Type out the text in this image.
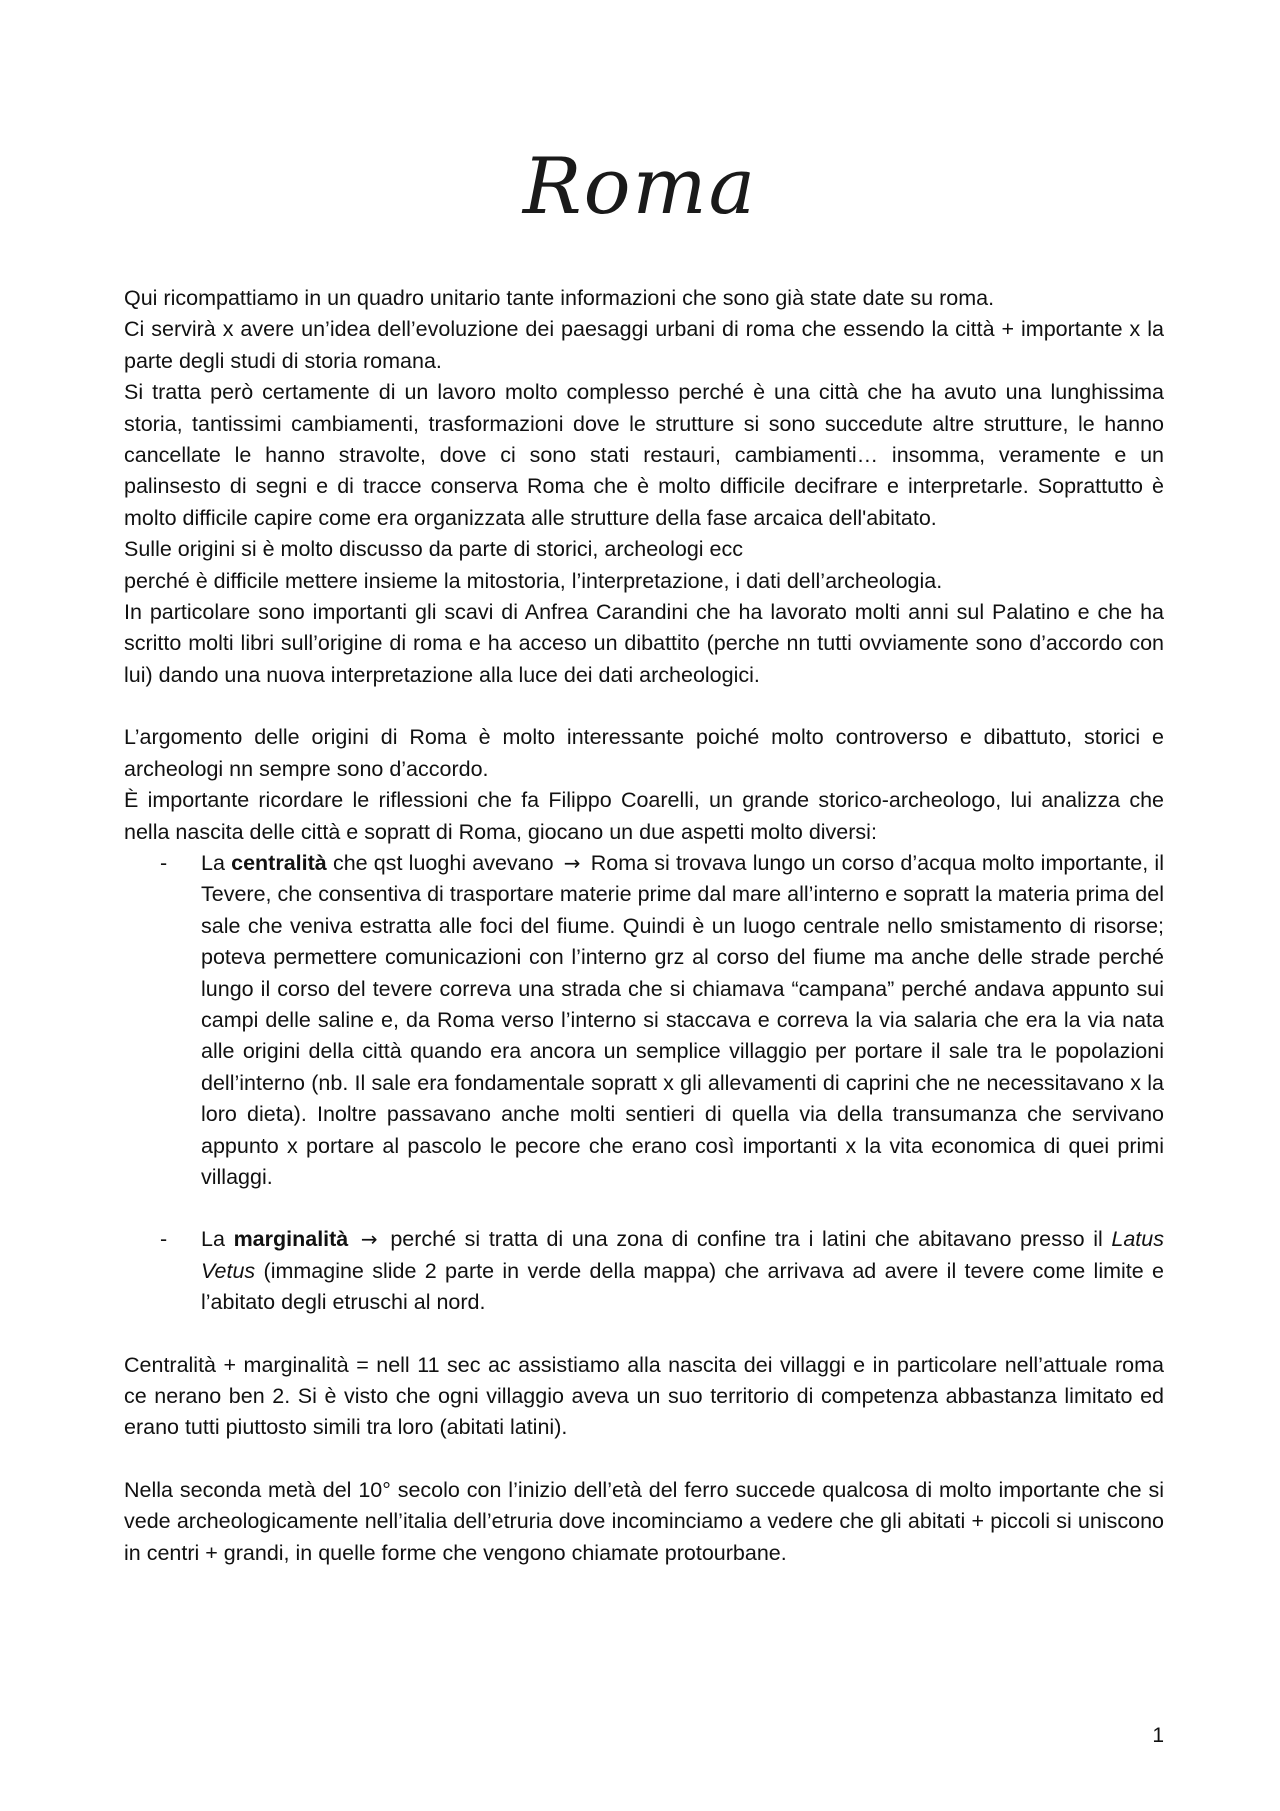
Roma

Qui ricompattiamo in un quadro unitario tante informazioni che sono già state date su roma.

Ci servirà x avere un’idea dell’evoluzione dei paesaggi urbani di roma che essendo la città + importante x la parte degli studi di storia romana.

Si tratta però certamente di un lavoro molto complesso perché è una città che ha avuto una lunghissima storia, tantissimi cambiamenti, trasformazioni dove le strutture si sono succedute altre strutture, le hanno cancellate le hanno stravolte, dove ci sono stati restauri, cambiamenti… insomma, veramente e un palinsesto di segni e di tracce conserva Roma che è molto difficile decifrare e interpretarle. Soprattutto è molto difficile capire come era organizzata alle strutture della fase arcaica dell'abitato.

Sulle origini si è molto discusso da parte di storici, archeologi ecc

perché è difficile mettere insieme la mitostoria, l’interpretazione, i dati dell’archeologia.

In particolare sono importanti gli scavi di Anfrea Carandini che ha lavorato molti anni sul Palatino e che ha scritto molti libri sull’origine di roma e ha acceso un dibattito (perche nn tutti ovviamente sono d’accordo con lui) dando una nuova interpretazione alla luce dei dati archeologici.

L’argomento delle origini di Roma è molto interessante poiché molto controverso e dibattuto, storici e archeologi nn sempre sono d’accordo.

È importante ricordare le riflessioni che fa Filippo Coarelli, un grande storico-archeologo, lui analizza che nella nascita delle città e sopratt di Roma, giocano un due aspetti molto diversi:

- La centralità che qst luoghi avevano → Roma si trovava lungo un corso d’acqua molto importante, il Tevere, che consentiva di trasportare materie prime dal mare all’interno e sopratt la materia prima del sale che veniva estratta alle foci del fiume. Quindi è un luogo centrale nello smistamento di risorse; poteva permettere comunicazioni con l’interno grz al corso del fiume ma anche delle strade perché lungo il corso del tevere correva una strada che si chiamava “campana” perché andava appunto sui campi delle saline e, da Roma verso l’interno si staccava e correva la via salaria che era la via nata alle origini della città quando era ancora un semplice villaggio per portare il sale tra le popolazioni dell’interno (nb. Il sale era fondamentale sopratt x gli allevamenti di caprini che ne necessitavano x la loro dieta). Inoltre passavano anche molti sentieri di quella via della transumanza che servivano appunto x portare al pascolo le pecore che erano così importanti x la vita economica di quei primi villaggi.
- La marginalità → perché si tratta di una zona di confine tra i latini che abitavano presso il Latus Vetus (immagine slide 2 parte in verde della mappa) che arrivava ad avere il tevere come limite e l’abitato degli etruschi al nord.

Centralità + marginalità = nell 11 sec ac assistiamo alla nascita dei villaggi e in particolare nell’attuale roma ce nerano ben 2. Si è visto che ogni villaggio aveva un suo territorio di competenza abbastanza limitato ed erano tutti piuttosto simili tra loro (abitati latini).

Nella seconda metà del 10° secolo con l’inizio dell’età del ferro succede qualcosa di molto importante che si vede archeologicamente nell’italia dell’etruria dove incominciamo a vedere che gli abitati + piccoli si uniscono in centri + grandi, in quelle forme che vengono chiamate protourbane.

1
